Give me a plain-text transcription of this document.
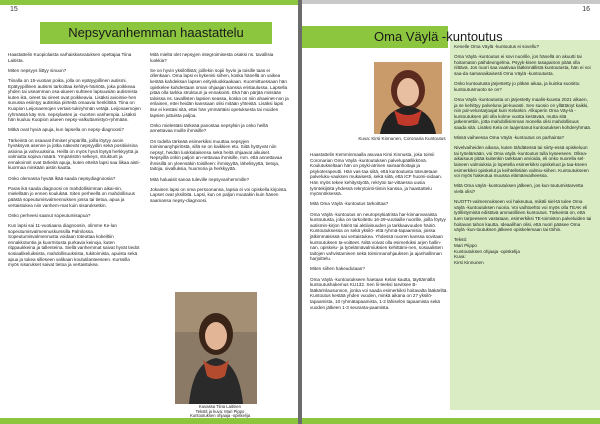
15
Nepsyvanhemman haastattelu

Haastattelin Kuopiolaista varhaiskasvatuksen opettajaa Tiina Laitista.

Miten nepsyys liittyy sinuun?

Tiinalla on 15-vuotias poika, jolla on epätyypillinen autismi. Epätyypillinen autismi tarkoittaa kehitys-häiriötä, joka poikkeaa yhden tai useamman osa-alueen suhteen lapsuusiän autismista kuten ikä, oireet tai oireet ovat poikkeavia. Lisäksi avioimie-hen suvussa esiintyy autistisia piirteitä omaavia henkilöitä. Tiina on Kuopion Leijonaemojen vertais-tukiryhmän vetäjä. Leijonaemojen ryhmässä käy mm. nepsylasten ja -nuorten vanhempia. Lisäksi hän kuuluu Kuopion alueen nepsy-valkuttamistyö-ryhmään.

Mitkä ovat hyviä apuja, kun lapsella on nepsy-diagnoosi?

Tärkeintä on osaavat ihmiset ympärillä, joilla löytyy avoin hyväksyvä asenne ja jotka näkevät nepsyydlin sekä positiivisina asioina ja vahvuuksina. Heillä on myös hyvä löytyä herkkyyttä ja valmiutta sopiva määrä. Ympäristön selkeys, strukturit ja ennakoinnit ovat tärkeitä apuja, kuten etteitä lapsi saa liikaa aisti-kuormaa minkään aistin kautta.

Onko olemassa hyvää lkää saada nepsydiagnoosia?

Paras ikä saada diagnoosi on mahdollisimman aikai-sin, mielellään jo ennen koulukää. Siten perheellä on mahdollisuus päästä sopeutumisvalmennuksen jossa tai tietoa, apua ja vertaistukea niin vanhem-mat kuin sisaruksetkin.

Onko perheesi saanut sopeutumisapua?

Kun lapsi sai 11-vuotiaana diagnoosin, olimme Ke-lan sopeutumisvalmennuskurssilla Palmlossa. Sopeutumisvalmennusta voidaan toteuttaa kokeiltiin ennakkotuntia ja kuormitusta purkavia keinoja, kuten ritppaukkeina ja tallenteina. Siellä vanhemmat saivat hyvät tiedot sosiaalikeluiksista, mahdollisuuksista, tukitoimista, apuista sekä apua ja tukea silleseen valikaan koulutilanteeseen. Kurssilla myös sisarukset saivat tietoa ja vertaistukea.

Mitä mieltä olet nepsyjen integroimisesta osaksi ns. tavallisia luokkia?

Se on hyvin yksilöllistä; joillekin sopii hyvin ja toisille taas ei ollenkaan. Oma lapsi ei kykenisi siihen, koska hänellä on vaikea kestää kahdeksan lapsen erityisluokkaakaan. Kuormittuessaan hän opiskelee kahdestaan oman ohjaajan kanssa eristaulussa. Lapsella pitää olla tarkka struktuuri ja ennakointi. Ekä hän pärjää missään taloissa ns. tavallisten lapsien seassa, koska on niin ahaeinet-non ja erilainen, ettei heidän kanssaan olisi mitään yhteistä. Lisäksi lapsi itse ei kestäsi sitä, ettei hän ymmärtäisi opetuksesta tai muiden lapsien juttuista paljoa.

Onko mielestäsi tärkeää panostaa nepsylsin ja onko heillä annettavaa muille ihmisille?

On todella tärkeää esimerkiksi muuttaa nepsyjen toiminnanyhpiriöstä, sillä se on kaikkien etu. Siitä hyötyvät niin nepsyt, heidän luokkalaisensa sekä heitä ohjaavat aikuiset. Nepsyillä onkin paljon an-nettavaa ihmisille, mm. että annettavaa ihmisillä on yleensäkin toisilleen: ihmisyyttä, lähelisyyttä, tietoja, taitoja, oivalluksia, huumoria ja herkkyyttä.

Mitä haluaisit sanoa tuleville nepsyvanhemmille?

Jokainen lapsi on oma persoonansa, lapsia ei voi opiskella kirjoista. Lapset ovat yksilöitä. Lapsi, kun on paljon muutakin kuin hänen saamansa nepsy-diagnoosi.

Kuvassa Tiina Laitinen
Tekstit ja kuva: Mari Pippo
Kuntoutuksen ohjaaja -opiskelija
16
Oma Väylä -kuntoutus
Kuva: Kirsi Kinnunen, Coronaria Kuntoutus

Haastattelin Kemminmaalla asuvaa Kirsi Kinnusta, joka toimii Coronarian Oma Väylä -kuntoutuksen palvelupäällikkönä. Koulutukseltaan hän on psyki-atrinen sairaanhoitaja ja psykoterapeutti. Hän vas-taa siitä, että kuntoutusta toteutetaan palveluku-vauksen mukaisesti, sekä siitä, että ICF huomi-oidaan. Hän myös tekee kehitystyötä, rekrytoi tar-vittaessa uusia työntekijöitä yhdessä rekrytointi-tiimin kanssa, ja haastattelu myönnöksessä.

Mitä Oma Väylä -kuntoutus tarkoittaa?

Oma Väylä -kuntoutus on neuropsykiatrista har-kinnanvaraista kuntoutusta, joka on tarkoitettu 16-29-vuotiaille nuorille, joilla löytyy autismin-kirjon häiriö tai aktiivisuuden ja tarkkaavuuden häiriö. Kuntoutuksessa on sekä yksilö- että ryhmä-tapaamisia, joissa jälkimmäisissä sai vertaistukea. Yhdessä nuoren kanssa sovitaan kuntoutuksen ta-voitteet. Niitä voivat olla esimerkiksi arjen hallin-nan, opiskelu- ja työelämävalmiuksien kehittämi-nen, sosiaalisten taitojen vahvistaminen sekä toiminnanohjauksen ja ajanhallinnan harjoittelu.

Miten siihen hakeudutaan?

Oma Väylä -kuntoutukseen haetaan Kelan kautta, täyttämällä kuntoutushakemus KU132. Sen lii-teeksi tarvitsee B-lääkärinlausunnon, jonka voi saada esimerkiksi hoitavalta lääkäriltä. Kuntoutus kestää yhden vuoden, minkä aikana on 27 yksilö-tapaamista, 10 ryhmätapaamista, 1-2 lähiselön tapaamista sekä vuoden jälkeen 1-3 seuranta-paamista.

Kenelle Oma Väylä -kuntoutus ei sovellu?

Oma Väylä -kuntoutus ei sovi nuorille, jos hänellä on akuutti tai hoitamaton päihdeongelma. Psyyk-kisen tasapainon pitää olla riittävä. Jos nuori saa vaativaa lääkinnällistä kuntoutusta, hän ei voi saa-da samanaikaisesti Oma Väylä -kuntoutusta.

Onko kuntoutusta järjestetty jo pitkän aikaa, ja kuinka suosittu kuntoutusmuoto se on?

Oma Väylä -kuntoutusta on järjestetty maalis-kuusta 2021 alkaen, ja se kehittyy palveluna jat-kuvasti. Sen suosio on yllättänyt kaikki, niin pal-veluntarjoajat kuin Kelankin. Alkuperin Oma Väy-lä -kuntoutuksen piti olla kolme vuotta kestävää, mutta sitä jatkennettiin, jotta mahdollisimman monella olisi mahdollisuus saada sitä. Lisäksi Kela on laajentanut kuntoutuksen kohderyhmää.

Missä vaiheessa Oma Väylä -kuntoutus on parhainta?

Nivelvaiheiden aikana, kuten tähdätessä tai siirty-essä opiskeluun tai työelämään, voi Oma väylä -kuntoutus tulla kyseeseen. Olkea-aikaisuus pitää kuitenkin tarkkaan arvioida, eli onko nuorella sel-laineen valmiuksia jo lopetella esimerkiksi opiskeluut ja taa-kseen esimerkiksi opiskelut ja keihtelletiäin valmiu-siihen. Kuntoutukseen voi myös hakeutua muussa elämänvaiheessa.

Mitä Oma väylä -kuntoutuksen jälkeen, jos kun-toutumistarvetta vielä olisi?

NUOTTI-valmennukseen voi hakeutua, mikäli siel-tä tulee Oma väylä -kuntoutuksen nuoria. Voi vaihtoehto voi myös olla TEAK eli työllistymistä edistävä ammatillinen kuntoutus. Tärkeintä on, että tuen tarpeeseen vastataan, esimerkiksi TE-toimiston palveluiden tai hoitavan tahon kautta. Ideaalihan olisi, että nuori pääsee Oma väylä -kun-toutuksen jälkeen opiskelemaan tai töihin.

Teksti:
Mari Piippo
Kuntoutuksen ohjaaja -opiskelija
Kuva:
Kirsi Kinnunen
